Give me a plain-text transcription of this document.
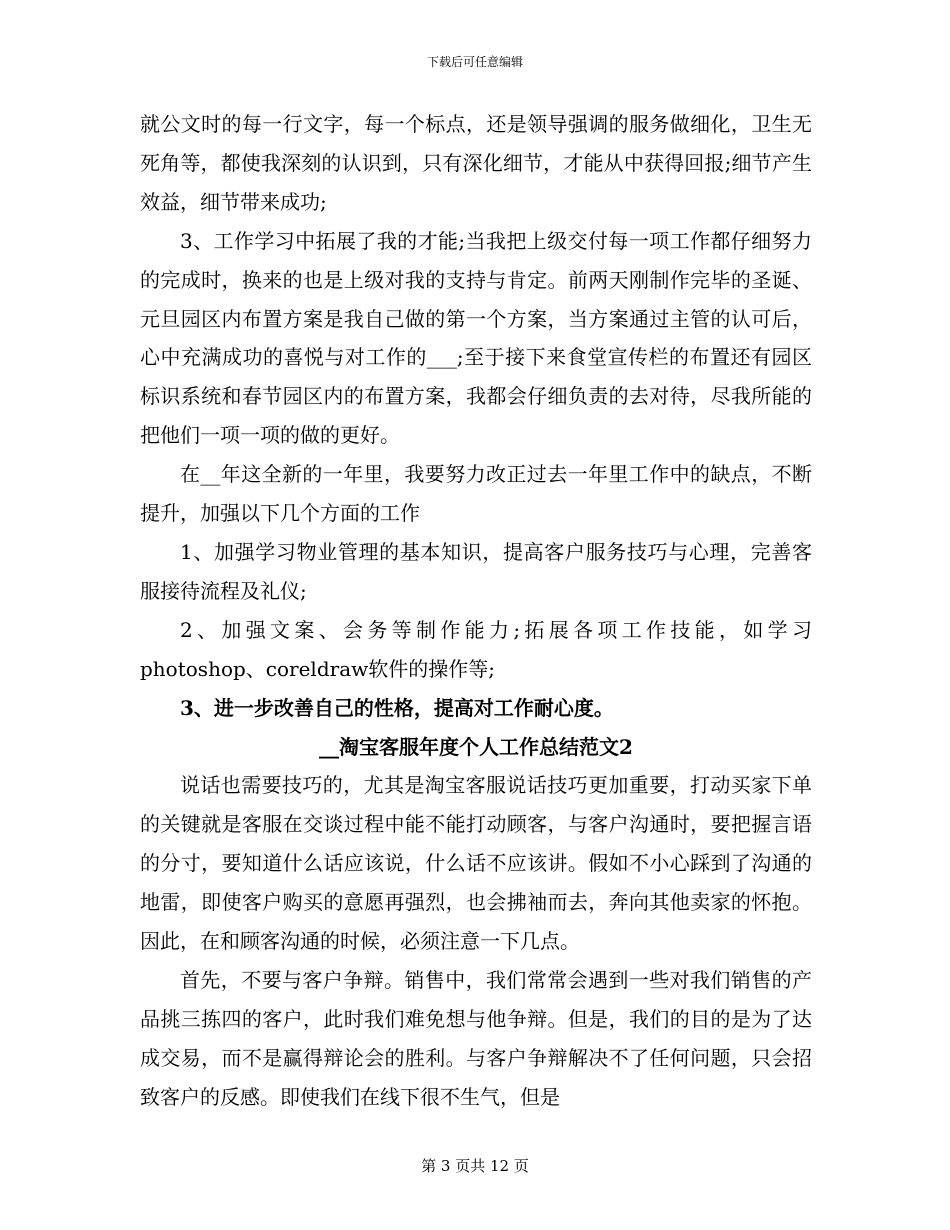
下载后可任意编辑

就公文时的每一行文字，每一个标点，还是领导强调的服务做细化，卫生无死角等，都使我深刻的认识到，只有深化细节，才能从中获得回报;细节产生效益，细节带来成功;

3、工作学习中拓展了我的才能;当我把上级交付每一项工作都仔细努力的完成时，换来的也是上级对我的支持与肯定。前两天刚制作完毕的圣诞、元旦园区内布置方案是我自己做的第一个方案，当方案通过主管的认可后，心中充满成功的喜悦与对工作的___;至于接下来食堂宣传栏的布置还有园区标识系统和春节园区内的布置方案，我都会仔细负责的去对待，尽我所能的把他们一项一项的做的更好。

在__年这全新的一年里，我要努力改正过去一年里工作中的缺点，不断提升，加强以下几个方面的工作

1、加强学习物业管理的基本知识，提高客户服务技巧与心理，完善客服接待流程及礼仪;

2、加强文案、会务等制作能力;拓展各项工作技能，如学习photoshop、coreldraw软件的操作等;

3、进一步改善自己的性格，提高对工作耐心度。

__淘宝客服年度个人工作总结范文2

说话也需要技巧的，尤其是淘宝客服说话技巧更加重要，打动买家下单的关键就是客服在交谈过程中能不能打动顾客，与客户沟通时，要把握言语的分寸，要知道什么话应该说，什么话不应该讲。假如不小心踩到了沟通的地雷，即使客户购买的意愿再强烈，也会拂袖而去，奔向其他卖家的怀抱。因此，在和顾客沟通的时候，必须注意一下几点。

首先，不要与客户争辩。销售中，我们常常会遇到一些对我们销售的产品挑三拣四的客户，此时我们难免想与他争辩。但是，我们的目的是为了达成交易，而不是赢得辩论会的胜利。与客户争辩解决不了任何问题，只会招致客户的反感。即使我们在线下很不生气，但是

第 3 页共 12 页
